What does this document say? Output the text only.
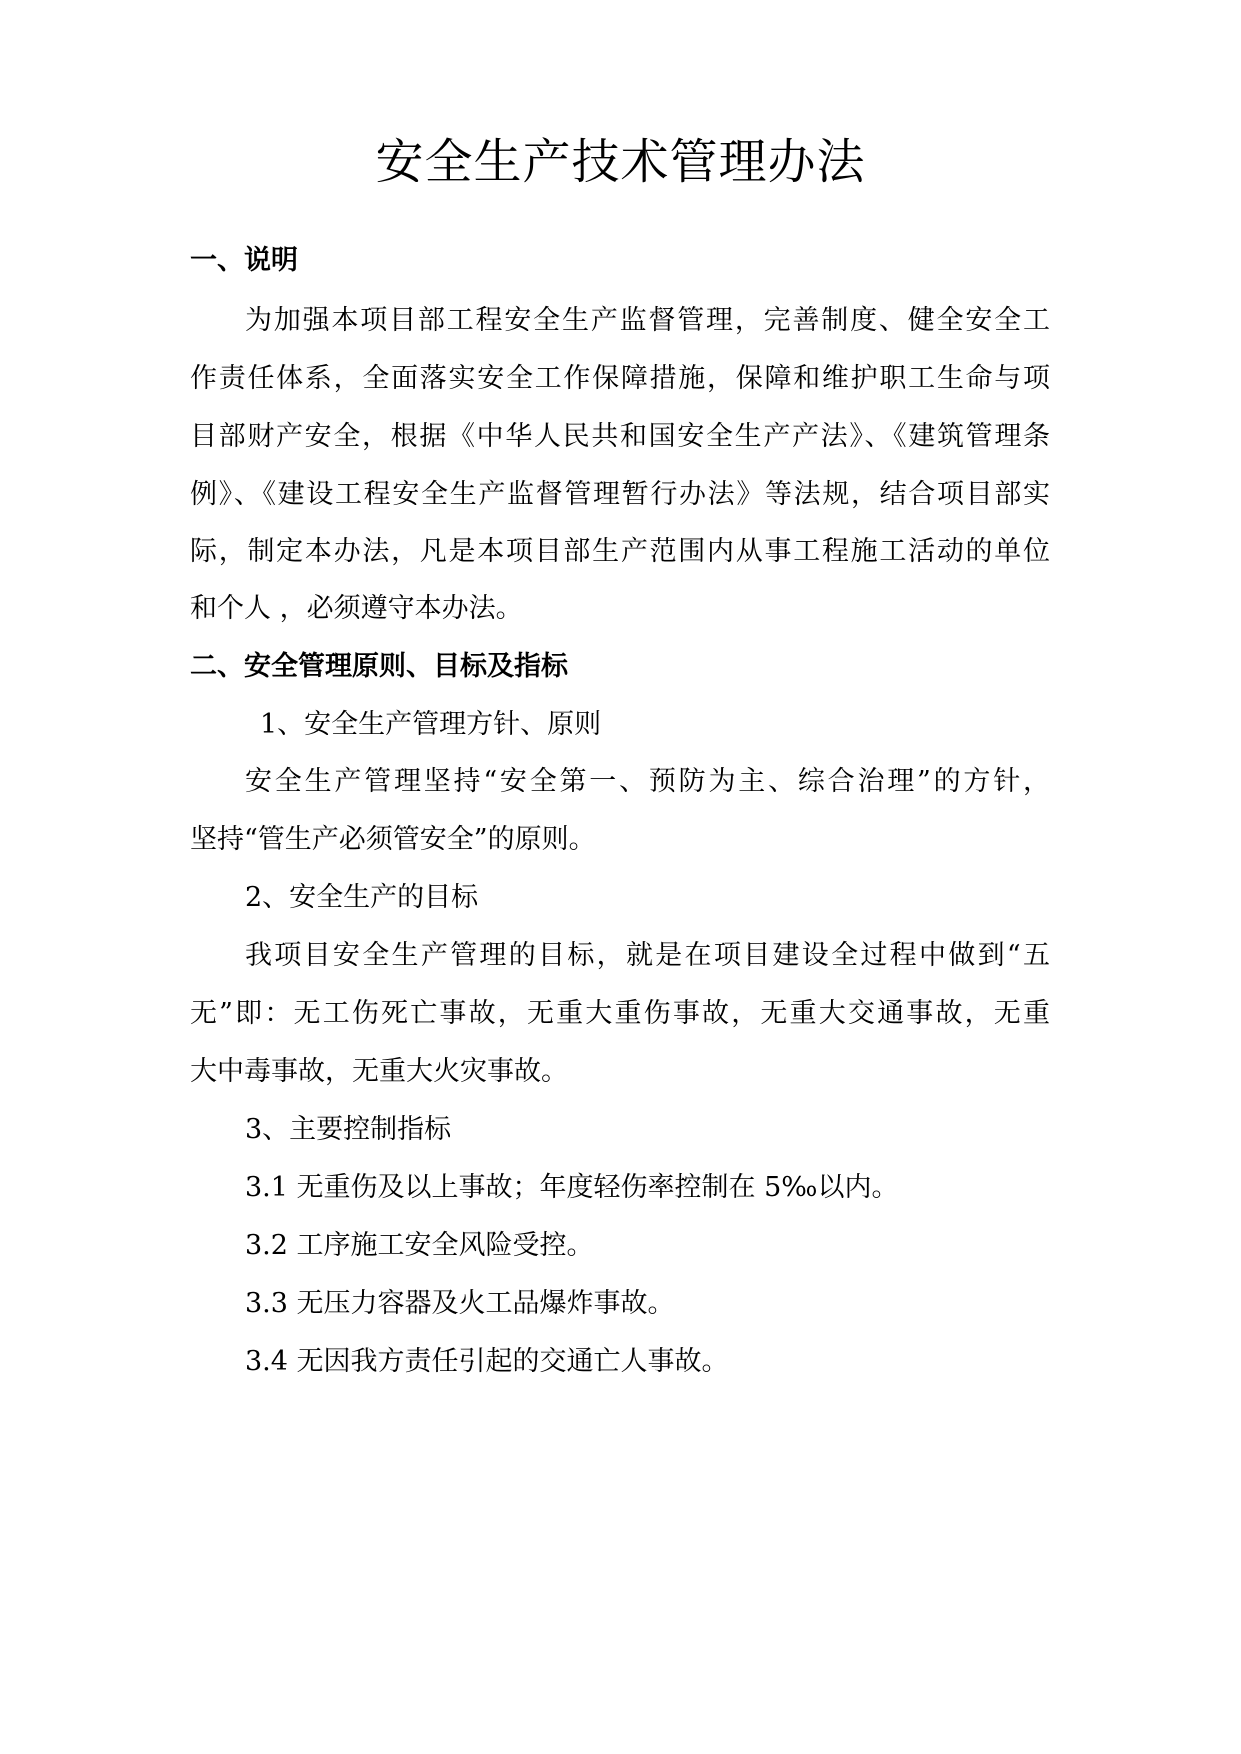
安全生产技术管理办法
一、说明
为加强本项目部工程安全生产监督管理，完善制度、健全安全工
作责任体系，全面落实安全工作保障措施，保障和维护职工生命与项
目部财产安全，根据《中华人民共和国安全生产产法》、《建筑管理条
例》、《建设工程安全生产监督管理暂行办法》等法规，结合项目部实
际，制定本办法，凡是本项目部生产范围内从事工程施工活动的单位
和个人 ，必须遵守本办法。
二、安全管理原则、目标及指标
1、安全生产管理方针、原则
安全生产管理坚持“安全第一、预防为主、综合治理”的方针，
坚持“管生产必须管安全”的原则。
2、安全生产的目标
我项目安全生产管理的目标，就是在项目建设全过程中做到“五
无”即：无工伤死亡事故，无重大重伤事故，无重大交通事故，无重
大中毒事故，无重大火灾事故。
3、主要控制指标
3.1 无重伤及以上事故；年度轻伤率控制在 5‰以内。
3.2 工序施工安全风险受控。
3.3 无压力容器及火工品爆炸事故。
3.4 无因我方责任引起的交通亡人事故。
